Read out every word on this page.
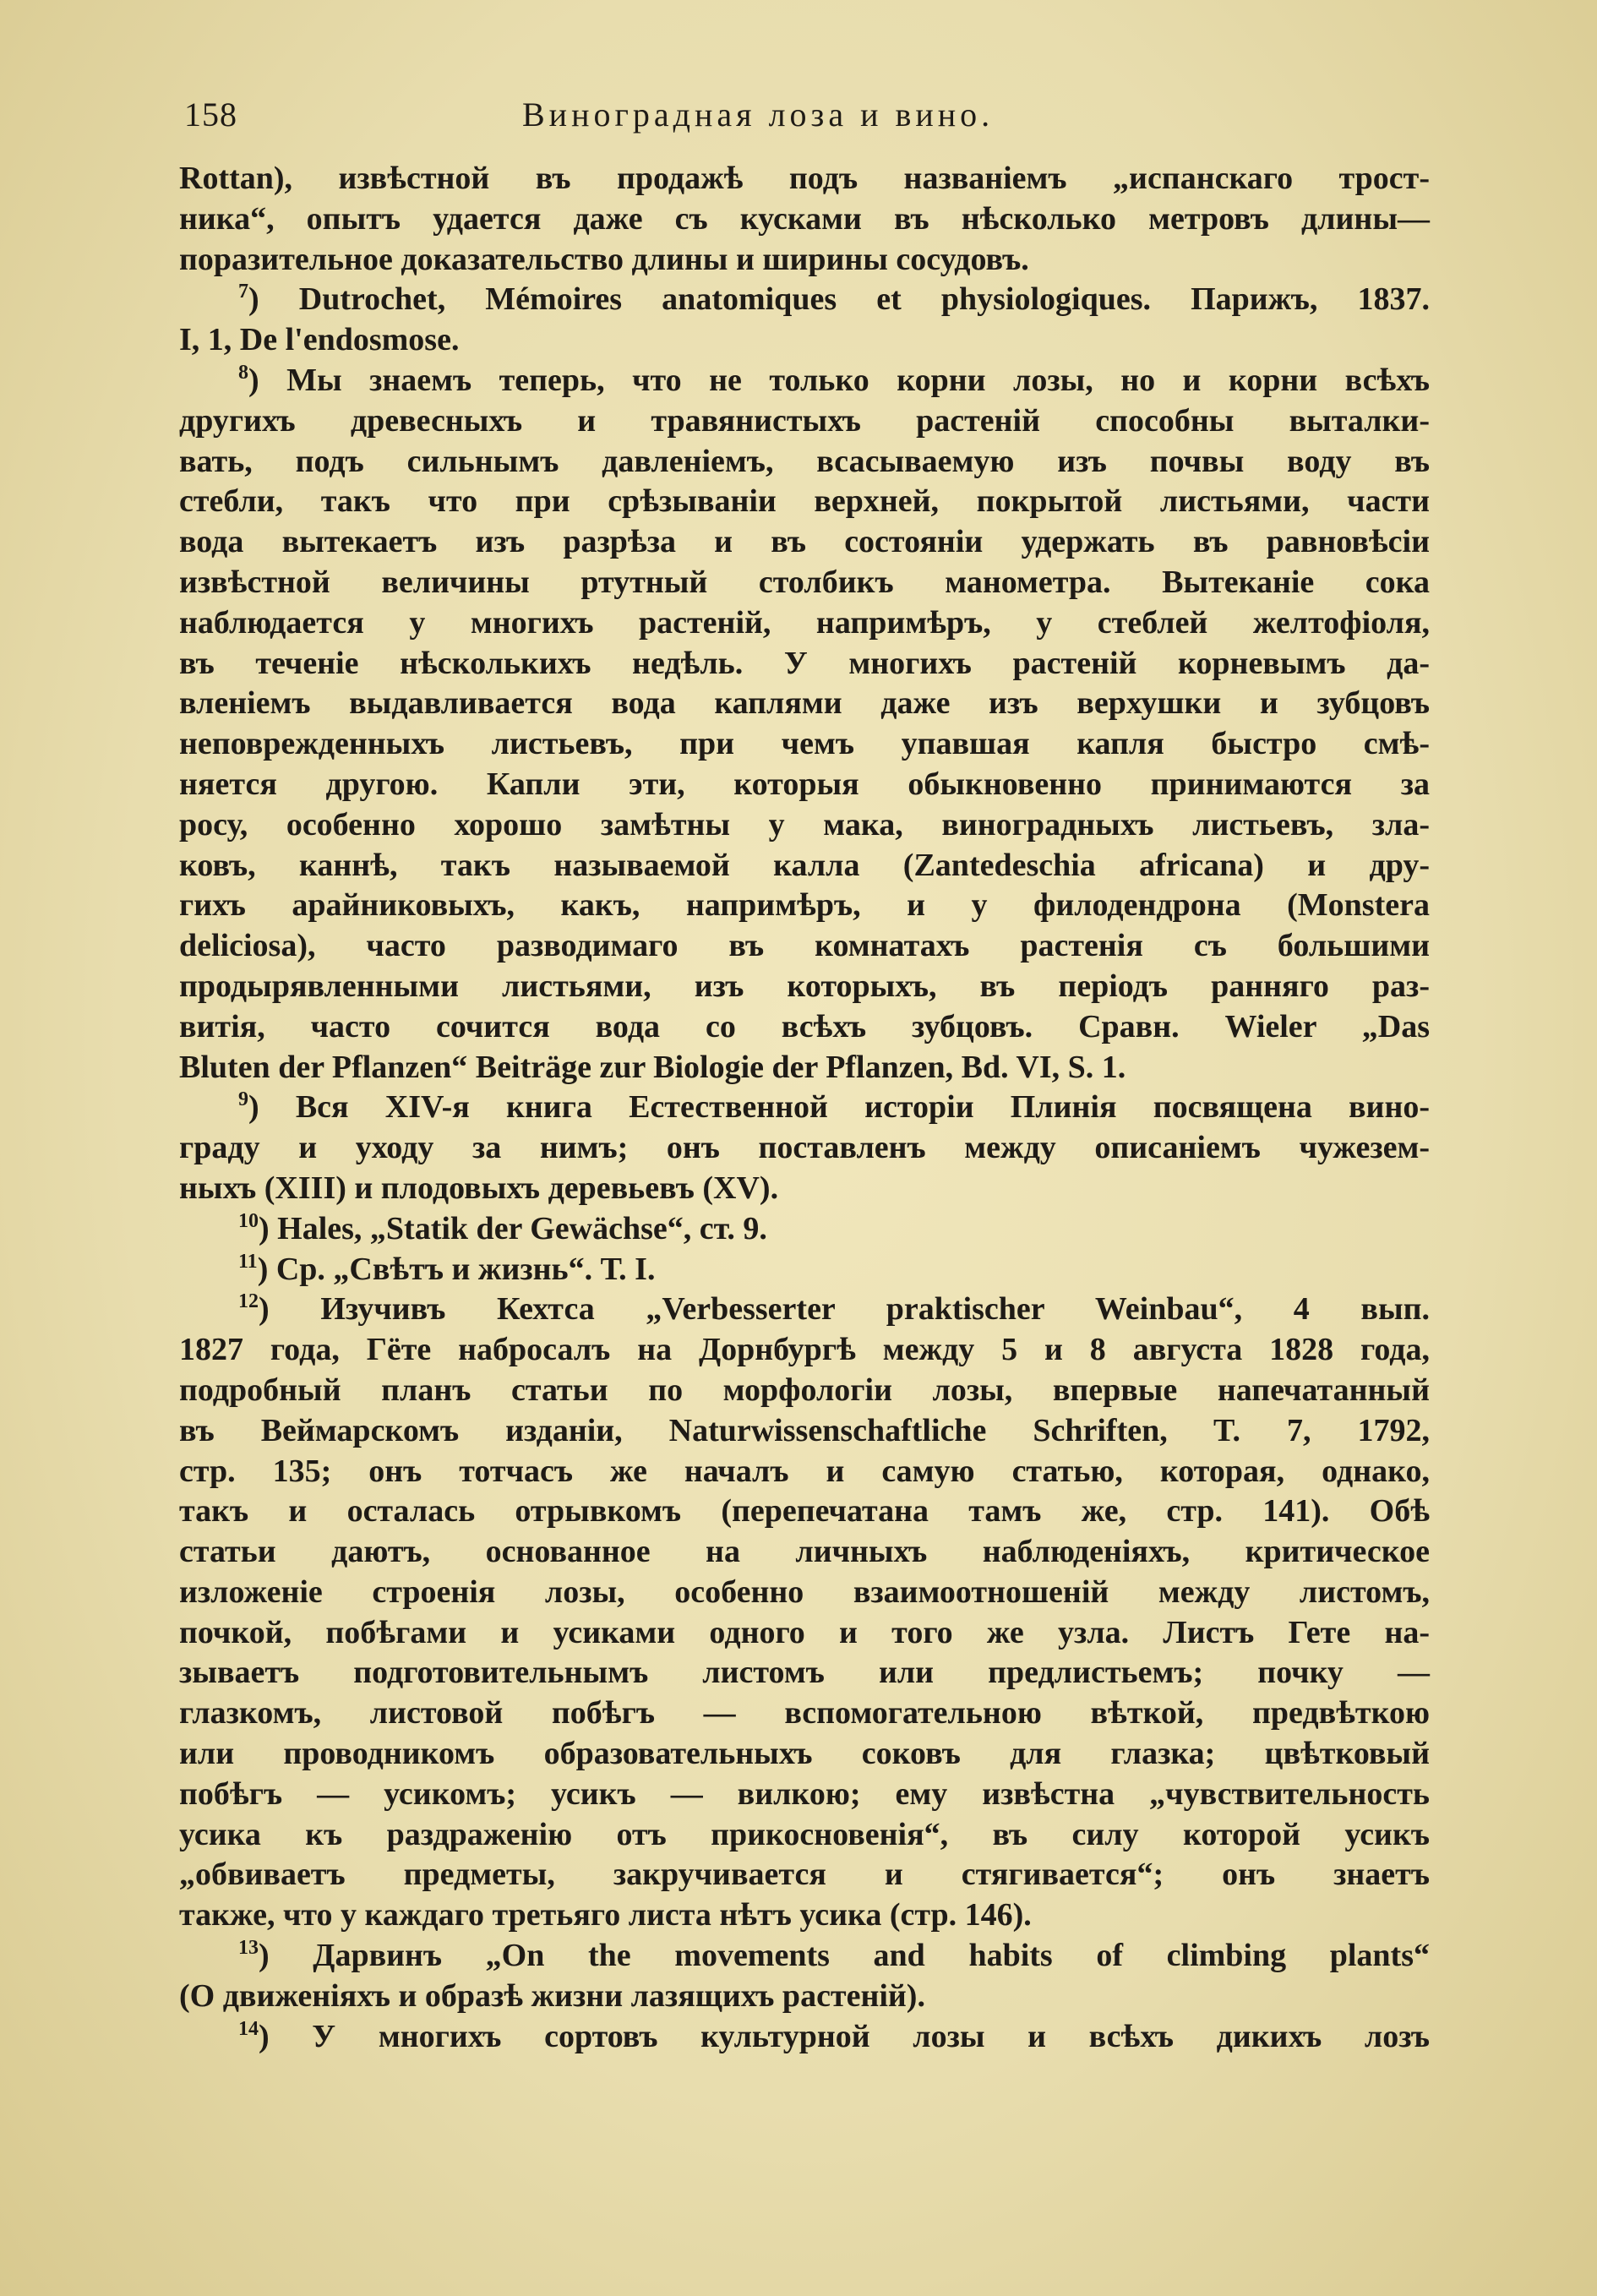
158	Виноградная лоза и вино.
Rottan), извѣстной въ продажѣ подъ названіемъ „испанскаго трост-
ника“, опытъ удается даже съ кусками въ нѣсколько метровъ длины—
поразительное доказательство длины и ширины сосудовъ.
$^7$) Dutrochet, Mémoires anatomiques et physiologiques. Парижъ, 1837.
I, 1, De l'endosmose.
$^8$) Мы знаемъ теперь, что не только корни лозы, но и корни всѣхъ
другихъ древесныхъ и травянистыхъ растеній способны выталки-
вать, подъ сильнымъ давленіемъ, всасываемую изъ почвы воду въ
стебли, такъ что при срѣзываніи верхней, покрытой листьями, части
вода вытекаетъ изъ разрѣза и въ состояніи удержать въ равновѣсіи
извѣстной величины ртутный столбикъ манометра. Вытеканіе сока
наблюдается у многихъ растеній, напримѣръ, у стеблей желтофіоля,
въ теченіе нѣсколькихъ недѣль. У многихъ растеній корневымъ да-
вленіемъ выдавливается вода каплями даже изъ верхушки и зубцовъ
неповрежденныхъ листьевъ, при чемъ упавшая капля быстро смѣ-
няется другою. Капли эти, которыя обыкновенно принимаются за
росу, особенно хорошо замѣтны у мака, виноградныхъ листьевъ, зла-
ковъ, каннѣ, такъ называемой калла (Zantedeschia africana) и дру-
гихъ арайниковыхъ, какъ, напримѣръ, и у филодендрона (Monstera
deliciosa), часто разводимаго въ комнатахъ растенія съ большими
продырявленными листьями, изъ которыхъ, въ періодъ ранняго раз-
витія, часто сочится вода со всѣхъ зубцовъ. Сравн. Wieler „Das
Bluten der Pflanzen“ Beiträge zur Biologie der Pflanzen, Bd. VI, S. 1.
$^9$) Вся XIV-я книга Естественной исторіи Плинія посвящена вино-
граду и уходу за нимъ; онъ поставленъ между описаніемъ чужезем-
ныхъ (XIII) и плодовыхъ деревьевъ (XV).
$^{10}$) Hales, „Statik der Gewächse“, ст. 9.
$^{11}$) Ср. „Свѣтъ и жизнь“. Т. I.
$^{12}$) Изучивъ Кехтса „Verbesserter praktischer Weinbau“, 4 вып.
1827 года, Гёте набросалъ на Дорнбургѣ между 5 и 8 августа 1828 года,
подробный планъ статьи по морфологіи лозы, впервые напечатанный
въ Веймарскомъ изданіи, Naturwissenschaftliche Schriften, T. 7, 1792,
стр. 135; онъ тотчасъ же началъ и самую статью, которая, однако,
такъ и осталась отрывкомъ (перепечатана тамъ же, стр. 141). Обѣ
статьи даютъ, основанное на личныхъ наблюденіяхъ, критическое
изложеніе строенія лозы, особенно взаимоотношеній между листомъ,
почкой, побѣгами и усиками одного и того же узла. Листъ Гете на-
зываетъ подготовительнымъ листомъ или предлистьемъ; почку —
глазкомъ, листовой побѣгъ — вспомогательною вѣткой, предвѣткою
или проводникомъ образовательныхъ соковъ для глазка; цвѣтковый
побѣгъ — усикомъ; усикъ — вилкою; ему извѣстна „чувствительность
усика къ раздраженію отъ прикосновенія“, въ силу которой усикъ
„обвиваетъ предметы, закручивается и стягивается“; онъ знаетъ
также, что у каждаго третьяго листа нѣтъ усика (стр. 146).
$^{13}$) Дарвинъ „On the movements and habits of climbing plants“
(О движеніяхъ и образѣ жизни лазящихъ растеній).
$^{14}$) У многихъ сортовъ культурной лозы и всѣхъ дикихъ лозъ
